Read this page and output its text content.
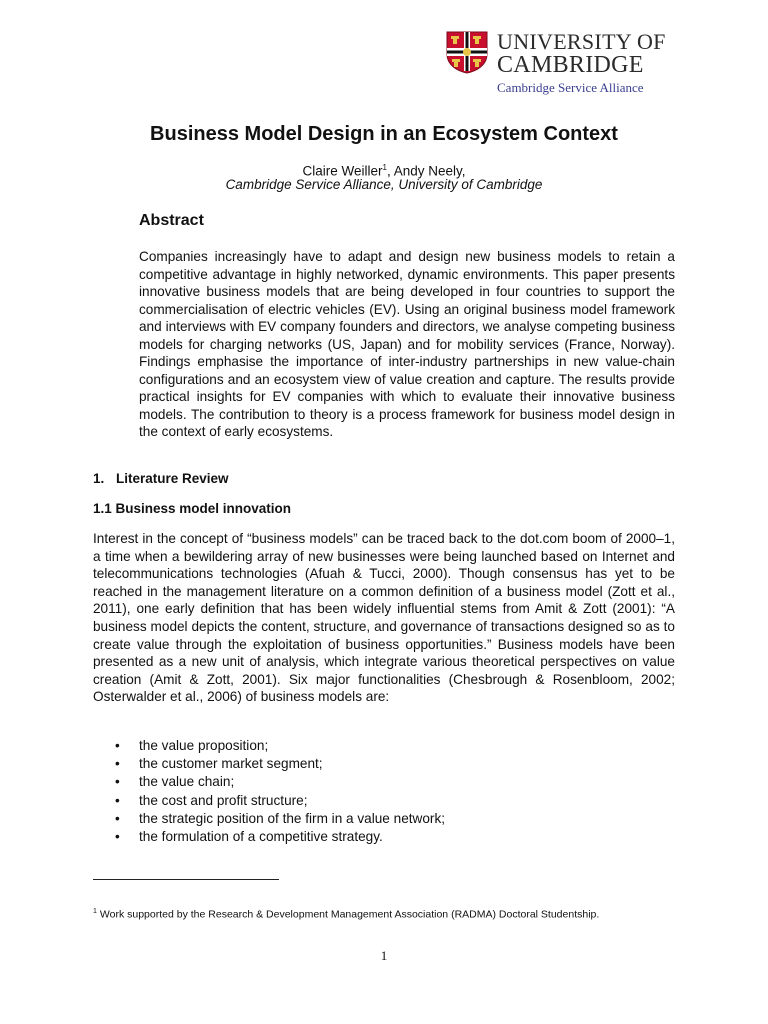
UNIVERSITY OF
CAMBRIDGE
Cambridge Service Alliance
Business Model Design in an Ecosystem Context
Claire Weiller$^1$, Andy Neely,
Cambridge Service Alliance, University of Cambridge
Abstract
Companies increasingly have to adapt and design new business models to retain a competitive advantage in highly networked, dynamic environments. This paper presents innovative business models that are being developed in four countries to support the commercialisation of electric vehicles (EV). Using an original business model framework and interviews with EV company founders and directors, we analyse competing business models for charging networks (US, Japan) and for mobility services (France, Norway). Findings emphasise the importance of inter-industry partnerships in new value-chain configurations and an ecosystem view of value creation and capture. The results provide practical insights for EV companies with which to evaluate their innovative business models. The contribution to theory is a process framework for business model design in the context of early ecosystems.
1. Literature Review
1.1 Business model innovation
Interest in the concept of “business models” can be traced back to the dot.com boom of 2000–1, a time when a bewildering array of new businesses were being launched based on Internet and telecommunications technologies (Afuah & Tucci, 2000). Though consensus has yet to be reached in the management literature on a common definition of a business model (Zott et al., 2011), one early definition that has been widely influential stems from Amit & Zott (2001): “A business model depicts the content, structure, and governance of transactions designed so as to create value through the exploitation of business opportunities.” Business models have been presented as a new unit of analysis, which integrate various theoretical perspectives on value creation (Amit & Zott, 2001). Six major functionalities (Chesbrough & Rosenbloom, 2002; Osterwalder et al., 2006) of business models are:
• the value proposition;
• the customer market segment;
• the value chain;
• the cost and profit structure;
• the strategic position of the firm in a value network;
• the formulation of a competitive strategy.
$^1$ Work supported by the Research & Development Management Association (RADMA) Doctoral Studentship.
1
